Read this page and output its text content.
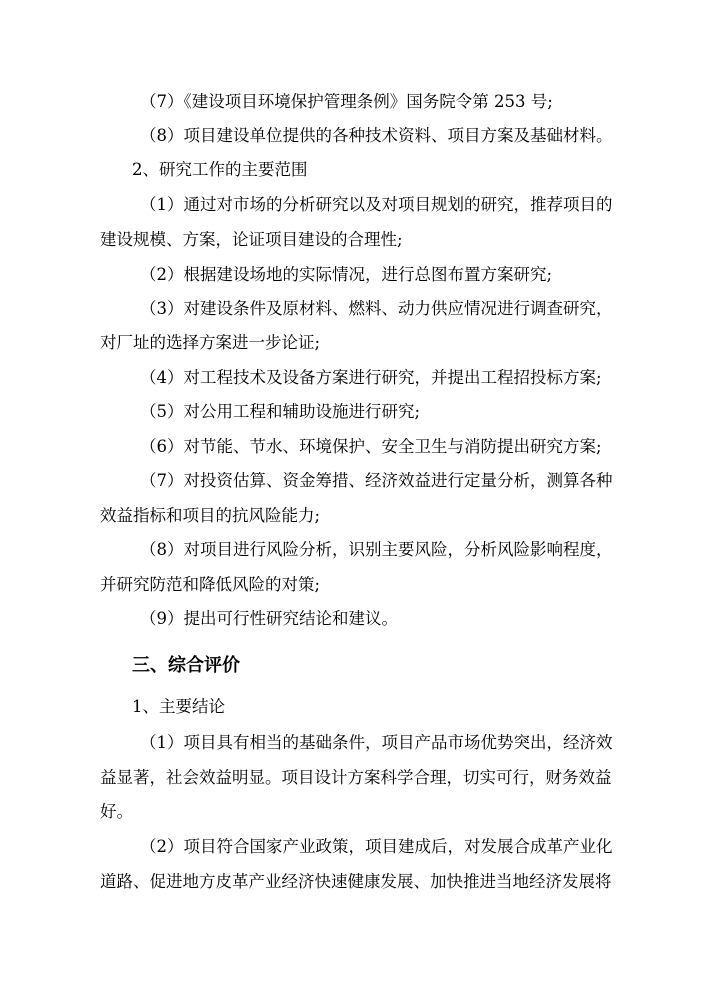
（7）《建设项目环境保护管理条例》国务院令第 253 号;
（8）项目建设单位提供的各种技术资料、项目方案及基础材料。
2、研究工作的主要范围
（1）通过对市场的分析研究以及对项目规划的研究，推荐项目的
建设规模、方案，论证项目建设的合理性;
（2）根据建设场地的实际情况，进行总图布置方案研究;
（3）对建设条件及原材料、燃料、动力供应情况进行调查研究，
对厂址的选择方案进一步论证;
（4）对工程技术及设备方案进行研究，并提出工程招投标方案;
（5）对公用工程和辅助设施进行研究;
（6）对节能、节水、环境保护、安全卫生与消防提出研究方案;
（7）对投资估算、资金筹措、经济效益进行定量分析，测算各种
效益指标和项目的抗风险能力;
（8）对项目进行风险分析，识别主要风险，分析风险影响程度，
并研究防范和降低风险的对策;
（9）提出可行性研究结论和建议。
三、综合评价
1、主要结论
（1）项目具有相当的基础条件，项目产品市场优势突出，经济效
益显著，社会效益明显。项目设计方案科学合理，切实可行，财务效益
好。
（2）项目符合国家产业政策，项目建成后，对发展合成革产业化
道路、促进地方皮革产业经济快速健康发展、加快推进当地经济发展将
